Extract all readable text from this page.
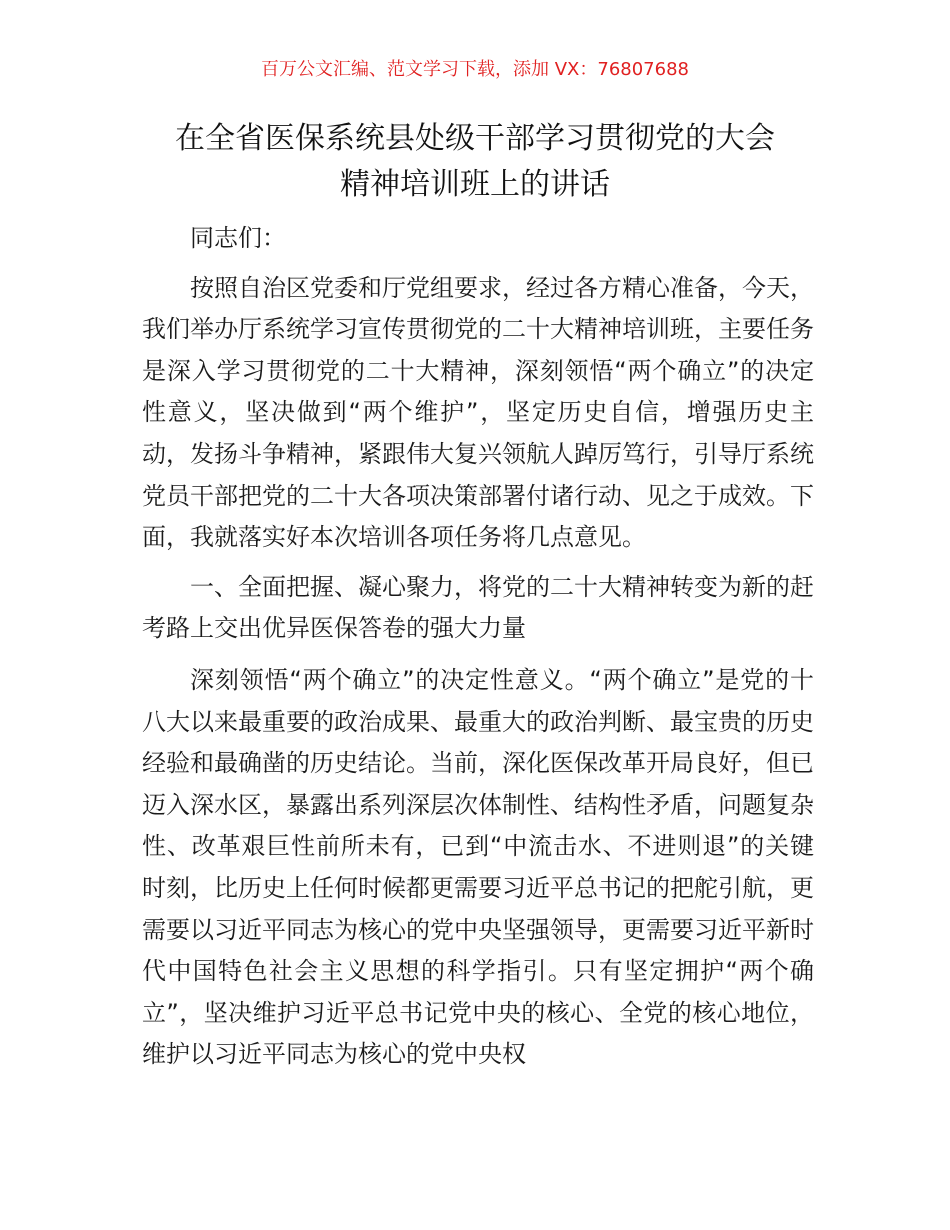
百万公文汇编、范文学习下载，添加 VX：76807688
在全省医保系统县处级干部学习贯彻党的大会
精神培训班上的讲话

同志们：

按照自治区党委和厅党组要求，经过各方精心准备，今天，我们举办厅系统学习宣传贯彻党的二十大精神培训班，主要任务是深入学习贯彻党的二十大精神，深刻领悟“两个确立”的决定性意义，坚决做到“两个维护”，坚定历史自信，增强历史主动，发扬斗争精神，紧跟伟大复兴领航人踔厉笃行，引导厅系统党员干部把党的二十大各项决策部署付诸行动、见之于成效。下面，我就落实好本次培训各项任务将几点意见。

一、全面把握、凝心聚力，将党的二十大精神转变为新的赶考路上交出优异医保答卷的强大力量

深刻领悟“两个确立”的决定性意义。“两个确立”是党的十八大以来最重要的政治成果、最重大的政治判断、最宝贵的历史经验和最确凿的历史结论。当前，深化医保改革开局良好，但已迈入深水区，暴露出系列深层次体制性、结构性矛盾，问题复杂性、改革艰巨性前所未有，已到“中流击水、不进则退”的关键时刻，比历史上任何时候都更需要习近平总书记的把舵引航，更需要以习近平同志为核心的党中央坚强领导，更需要习近平新时代中国特色社会主义思想的科学指引。只有坚定拥护“两个确立”，坚决维护习近平总书记党中央的核心、全党的核心地位，维护以习近平同志为核心的党中央权
